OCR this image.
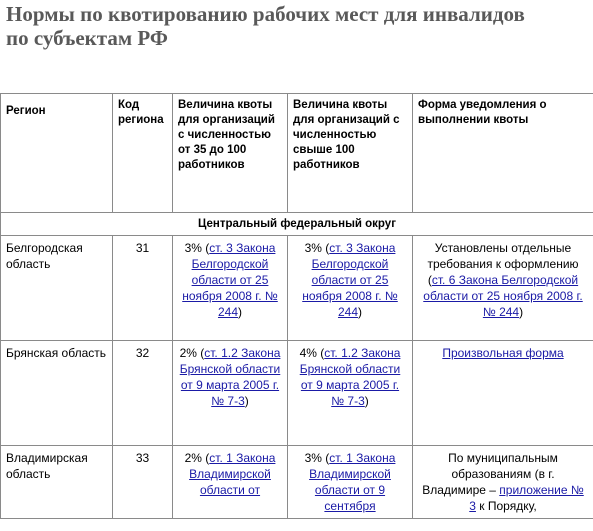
Нормы по квотированию рабочих мест для инвалидов
по субъектам РФ
Регион	Код региона	Величина квоты для организаций с численностью от 35 до 100 работников	Величина квоты для организаций с численностью свыше 100 работников	Форма уведомления о выполнении квоты
Центральный федеральный округ				
Белгородская область	31	3% (ст. 3 Закона Белгородской области от 25 ноября 2008 г. № 244)	3% (ст. 3 Закона Белгородской области от 25 ноября 2008 г. № 244)	Установлены отдельные требования к оформлению (ст. 6 Закона Белгородской области от 25 ноября 2008 г. № 244)
Брянская область	32	2% (ст. 1.2 Закона Брянской области от 9 марта 2005 г. № 7-3)	4% (ст. 1.2 Закона Брянской области от 9 марта 2005 г. № 7-3)	Произвольная форма
Владимирская область	33	2% (ст. 1 Закона Владимирской области от	3% (ст. 1 Закона Владимирской области от 9 сентября	По муниципальным образованиям (в г. Владимире – приложение № 3 к Порядку,
